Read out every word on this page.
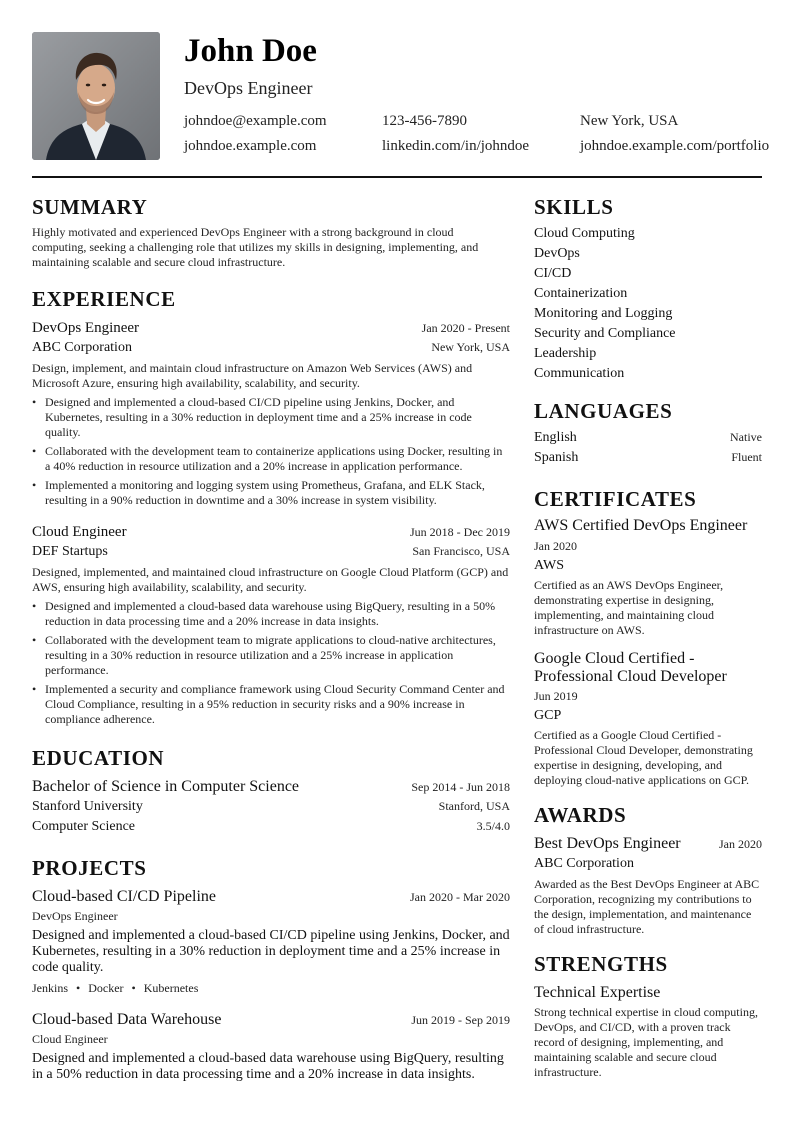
John Doe
DevOps Engineer
johndoe@example.com	123-456-7890	New York, USA
johndoe.example.com	linkedin.com/in/johndoe	johndoe.example.com/portfolio
SUMMARY
Highly motivated and experienced DevOps Engineer with a strong background in cloud computing, seeking a challenging role that utilizes my skills in designing, implementing, and maintaining scalable and secure cloud infrastructure.
EXPERIENCE
DevOps Engineer	Jan 2020 - Present
ABC Corporation	New York, USA
Design, implement, and maintain cloud infrastructure on Amazon Web Services (AWS) and Microsoft Azure, ensuring high availability, scalability, and security.
• Designed and implemented a cloud-based CI/CD pipeline using Jenkins, Docker, and Kubernetes, resulting in a 30% reduction in deployment time and a 25% increase in code quality.
• Collaborated with the development team to containerize applications using Docker, resulting in a 40% reduction in resource utilization and a 20% increase in application performance.
• Implemented a monitoring and logging system using Prometheus, Grafana, and ELK Stack, resulting in a 90% reduction in downtime and a 30% increase in system visibility.
Cloud Engineer	Jun 2018 - Dec 2019
DEF Startups	San Francisco, USA
Designed, implemented, and maintained cloud infrastructure on Google Cloud Platform (GCP) and AWS, ensuring high availability, scalability, and security.
• Designed and implemented a cloud-based data warehouse using BigQuery, resulting in a 50% reduction in data processing time and a 20% increase in data insights.
• Collaborated with the development team to migrate applications to cloud-native architectures, resulting in a 30% reduction in resource utilization and a 25% increase in application performance.
• Implemented a security and compliance framework using Cloud Security Command Center and Cloud Compliance, resulting in a 95% reduction in security risks and a 90% increase in compliance adherence.
EDUCATION
Bachelor of Science in Computer Science	Sep 2014 - Jun 2018
Stanford University	Stanford, USA
Computer Science	3.5/4.0
PROJECTS
Cloud-based CI/CD Pipeline	Jan 2020 - Mar 2020
DevOps Engineer
Designed and implemented a cloud-based CI/CD pipeline using Jenkins, Docker, and Kubernetes, resulting in a 30% reduction in deployment time and a 25% increase in code quality.
Jenkins • Docker • Kubernetes
Cloud-based Data Warehouse	Jun 2019 - Sep 2019
Cloud Engineer
Designed and implemented a cloud-based data warehouse using BigQuery, resulting in a 50% reduction in data processing time and a 20% increase in data insights.
SKILLS
Cloud Computing
DevOps
CI/CD
Containerization
Monitoring and Logging
Security and Compliance
Leadership
Communication
LANGUAGES
English	Native
Spanish	Fluent
CERTIFICATES
AWS Certified DevOps Engineer
Jan 2020
AWS
Certified as an AWS DevOps Engineer, demonstrating expertise in designing, implementing, and maintaining cloud infrastructure on AWS.
Google Cloud Certified - Professional Cloud Developer
Jun 2019
GCP
Certified as a Google Cloud Certified - Professional Cloud Developer, demonstrating expertise in designing, developing, and deploying cloud-native applications on GCP.
AWARDS
Best DevOps Engineer	Jan 2020
ABC Corporation
Awarded as the Best DevOps Engineer at ABC Corporation, recognizing my contributions to the design, implementation, and maintenance of cloud infrastructure.
STRENGTHS
Technical Expertise
Strong technical expertise in cloud computing, DevOps, and CI/CD, with a proven track record of designing, implementing, and maintaining scalable and secure cloud infrastructure.
